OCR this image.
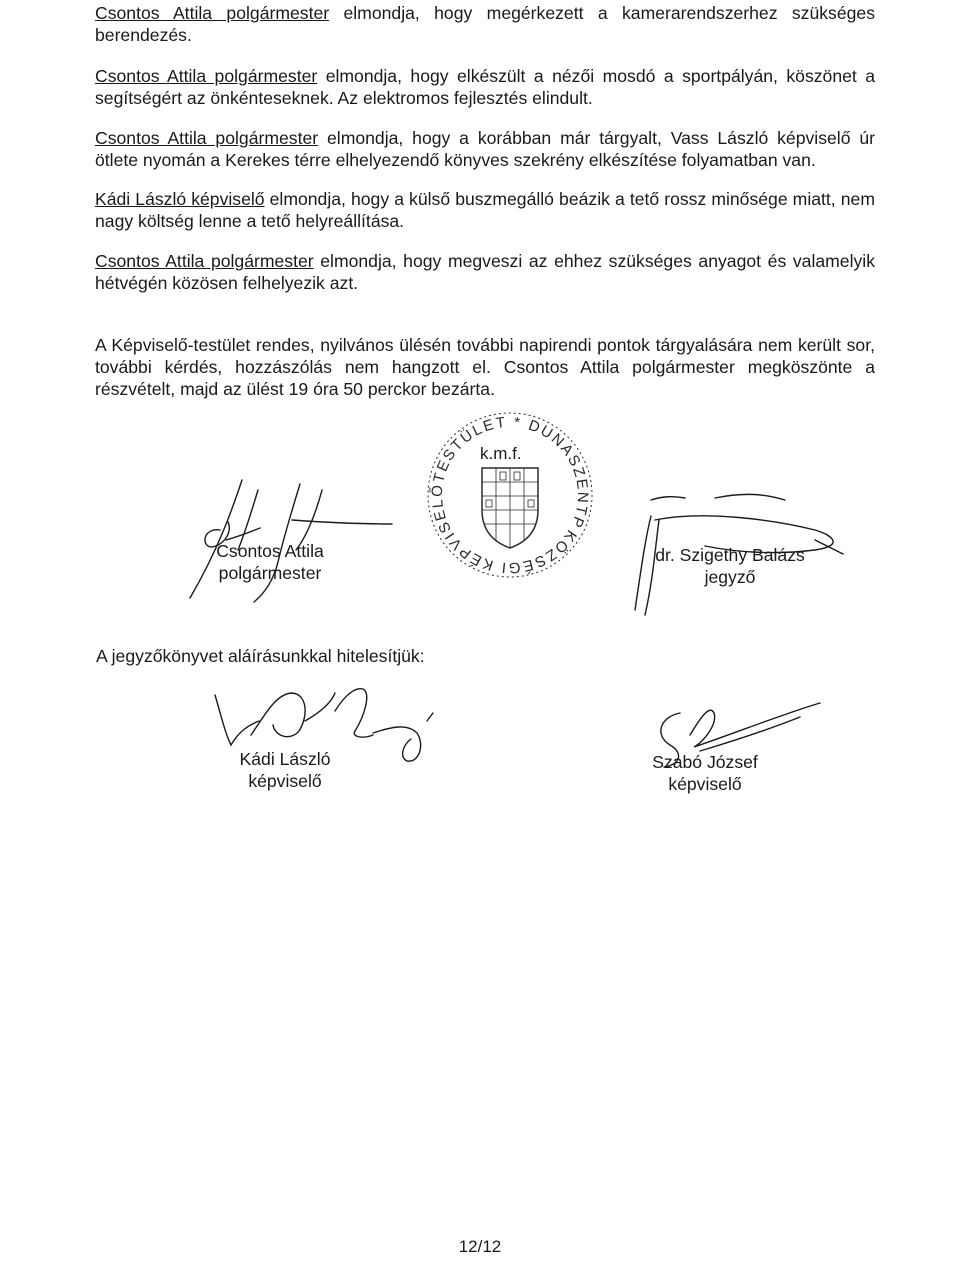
Csontos Attila polgármester elmondja, hogy megérkezett a kamerarendszerhez szükséges berendezés.

Csontos Attila polgármester elmondja, hogy elkészült a nézői mosdó a sportpályán, köszönet a segítségért az önkénteseknek. Az elektromos fejlesztés elindult.

Csontos Attila polgármester elmondja, hogy a korábban már tárgyalt, Vass László képviselő úr ötlete nyomán a Kerekes térre elhelyezendő könyves szekrény elkészítése folyamatban van.

Kádi László képviselő elmondja, hogy a külső buszmegálló beázik a tető rossz minősége miatt, nem nagy költség lenne a tető helyreállítása.

Csontos Attila polgármester elmondja, hogy megveszi az ehhez szükséges anyagot és valamelyik hétvégén közösen felhelyezik azt.

A Képviselő-testület rendes, nyilvános ülésén további napirendi pontok tárgyalására nem került sor, további kérdés, hozzászólás nem hangzott el. Csontos Attila polgármester megköszönte a részvételt, majd az ülést 19 óra 50 perckor bezárta.

KÖZSÉGI KÉPVISELŐTESTÜLET * DUNASZENTPÁL
k.m.f.
Csontos Attila
polgármester
dr. Szigethy Balázs
jegyző
A jegyzőkönyvet aláírásunkkal hitelesítjük:
Kádi László
képviselő
Szabó József
képviselő
12/12
